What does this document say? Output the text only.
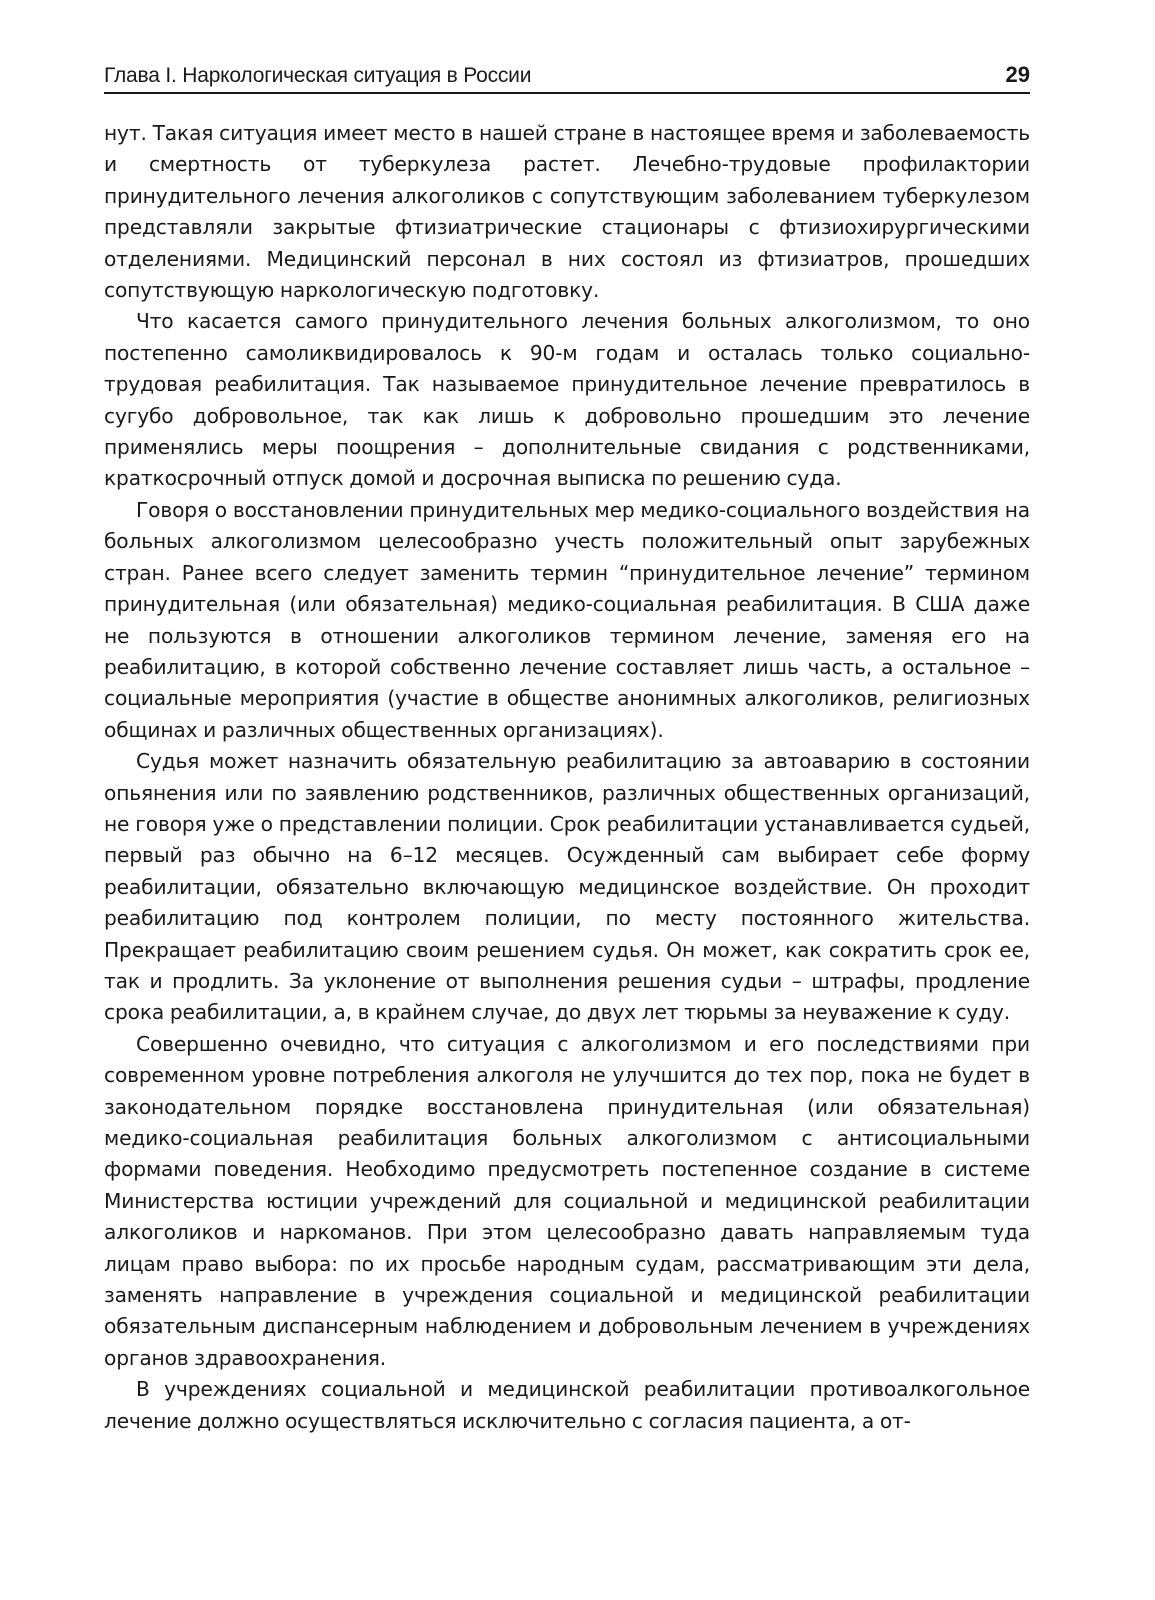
Глава I. Наркологическая ситуация в России	29

нут. Такая ситуация имеет место в нашей стране в настоящее время и заболеваемость и смертность от туберкулеза растет. Лечебно-трудовые профилактории принудительного лечения алкоголиков с сопутствующим заболеванием туберкулезом представляли закрытые фтизиатрические стационары с фтизиохирургическими отделениями. Медицинский персонал в них состоял из фтизиатров, прошедших сопутствующую наркологическую подготовку.

Что касается самого принудительного лечения больных алкоголизмом, то оно постепенно самоликвидировалось к 90-м годам и осталась только социально-трудовая реабилитация. Так называемое принудительное лечение превратилось в сугубо добровольное, так как лишь к добровольно прошедшим это лечение применялись меры поощрения – дополнительные свидания с родственниками, краткосрочный отпуск домой и досрочная выписка по решению суда.

Говоря о восстановлении принудительных мер медико-социального воздействия на больных алкоголизмом целесообразно учесть положительный опыт зарубежных стран. Ранее всего следует заменить термин “принудительное лечение” термином принудительная (или обязательная) медико-социальная реабилитация. В США даже не пользуются в отношении алкоголиков термином лечение, заменяя его на реабилитацию, в которой собственно лечение составляет лишь часть, а остальное – социальные мероприятия (участие в обществе анонимных алкоголиков, религиозных общинах и различных общественных организациях).

Судья может назначить обязательную реабилитацию за автоаварию в состоянии опьянения или по заявлению родственников, различных общественных организаций, не говоря уже о представлении полиции. Срок реабилитации устанавливается судьей, первый раз обычно на 6–12 месяцев. Осужденный сам выбирает себе форму реабилитации, обязательно включающую медицинское воздействие. Он проходит реабилитацию под контролем полиции, по месту постоянного жительства. Прекращает реабилитацию своим решением судья. Он может, как сократить срок ее, так и продлить. За уклонение от выполнения решения судьи – штрафы, продление срока реабилитации, а, в крайнем случае, до двух лет тюрьмы за неуважение к суду.

Совершенно очевидно, что ситуация с алкоголизмом и его последствиями при современном уровне потребления алкоголя не улучшится до тех пор, пока не будет в законодательном порядке восстановлена принудительная (или обязательная) медико-социальная реабилитация больных алкоголизмом с антисоциальными формами поведения. Необходимо предусмотреть постепенное создание в системе Министерства юстиции учреждений для социальной и медицинской реабилитации алкоголиков и наркоманов. При этом целесообразно давать направляемым туда лицам право выбора: по их просьбе народным судам, рассматривающим эти дела, заменять направление в учреждения социальной и медицинской реабилитации обязательным диспансерным наблюдением и добровольным лечением в учреждениях органов здравоохранения.

В учреждениях социальной и медицинской реабилитации противоалкогольное лечение должно осуществляться исключительно с согласия пациента, а от-
